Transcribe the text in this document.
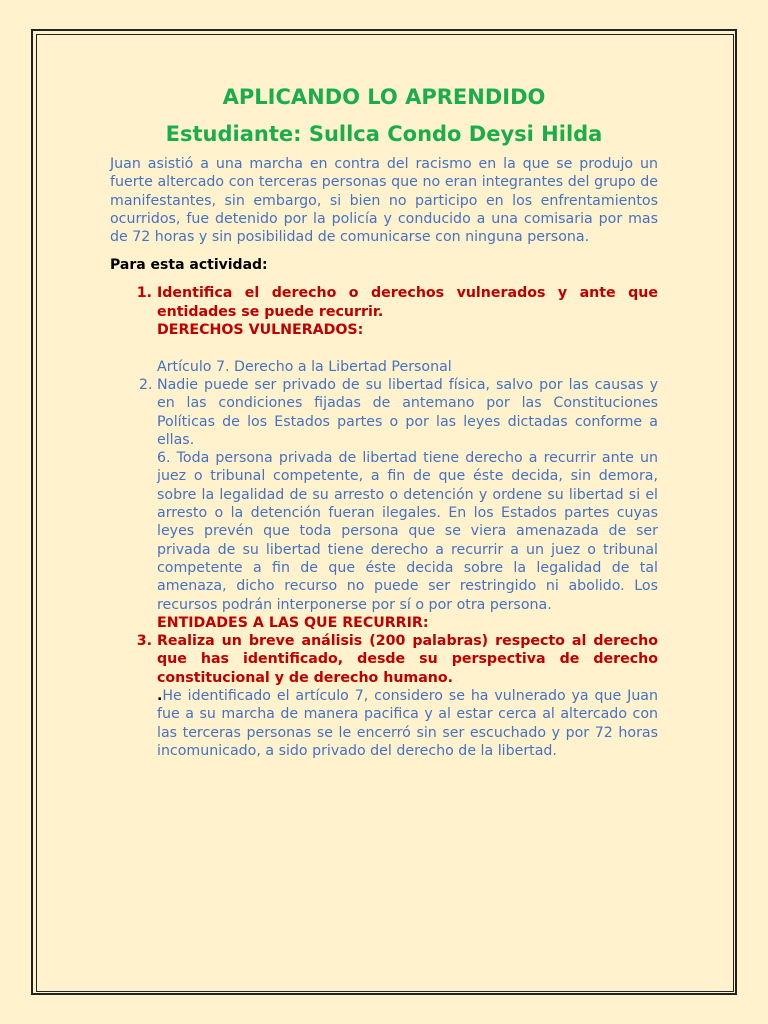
APLICANDO LO APRENDIDO
Estudiante: Sullca Condo Deysi Hilda

Juan asistió a una marcha en contra del racismo en la que se produjo un fuerte altercado con terceras personas que no eran integrantes del grupo de manifestantes, sin embargo, si bien no participo en los enfrentamientos ocurridos, fue detenido por la policía y conducido a una comisaria por mas de 72 horas y sin posibilidad de comunicarse con ninguna persona.

Para esta actividad:

1. Identifica el derecho o derechos vulnerados y ante que entidades se puede recurrir.
DERECHOS VULNERADOS:
Artículo 7. Derecho a la Libertad Personal
2. Nadie puede ser privado de su libertad física, salvo por las causas y en las condiciones fijadas de antemano por las Constituciones Políticas de los Estados partes o por las leyes dictadas conforme a ellas.
6. Toda persona privada de libertad tiene derecho a recurrir ante un juez o tribunal competente, a fin de que éste decida, sin demora, sobre la legalidad de su arresto o detención y ordene su libertad si el arresto o la detención fueran ilegales. En los Estados partes cuyas leyes prevén que toda persona que se viera amenazada de ser privada de su libertad tiene derecho a recurrir a un juez o tribunal competente a fin de que éste decida sobre la legalidad de tal amenaza, dicho recurso no puede ser restringido ni abolido. Los recursos podrán interponerse por sí o por otra persona.
ENTIDADES A LAS QUE RECURRIR:
3. Realiza un breve análisis (200 palabras) respecto al derecho que has identificado, desde su perspectiva de derecho constitucional y de derecho humano.
.He identificado el artículo 7, considero se ha vulnerado ya que Juan fue a su marcha de manera pacifica y al estar cerca al altercado con las terceras personas se le encerró sin ser escuchado y por 72 horas incomunicado, a sido privado del derecho de la libertad.
